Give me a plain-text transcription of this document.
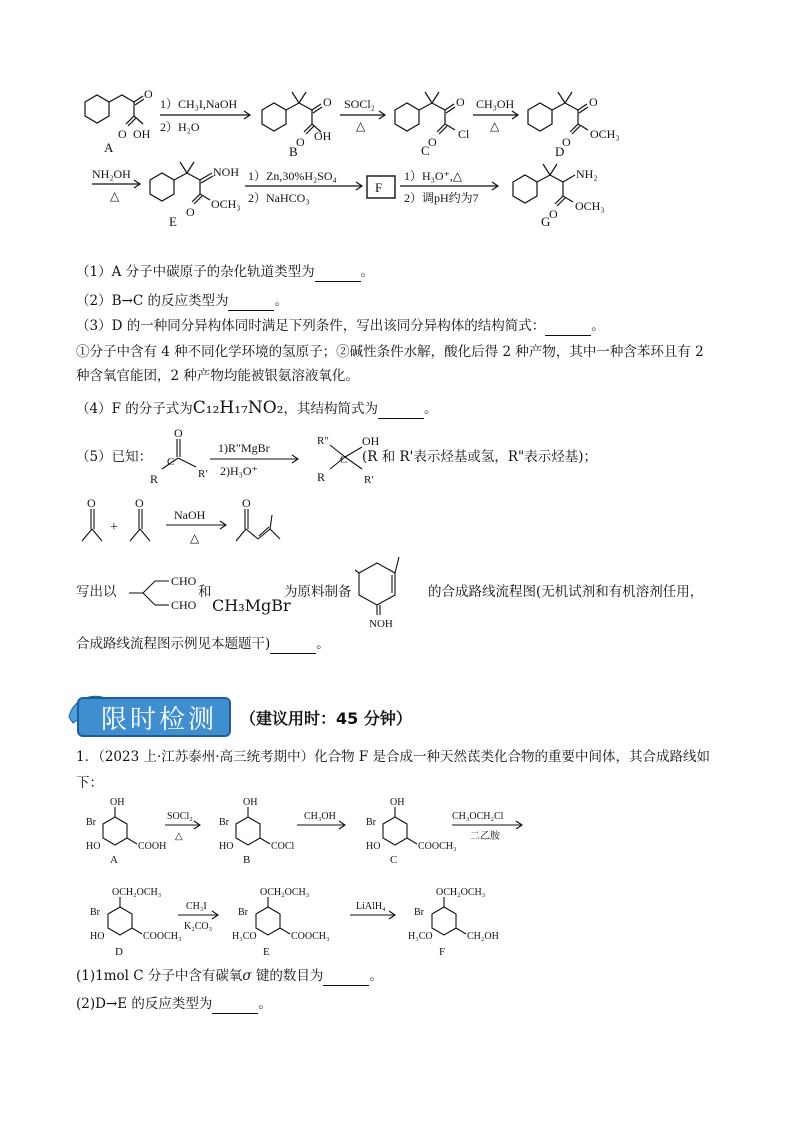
O
OH
O
A
1）CH₃I,NaOH
2）H₂O
O
O OH
B
SOCl₂
△
O
O
Cl
C
CH₃OH
△
O
O
OCH₃
D
NH₂OH
△
NOH
O
OCH₃
E
1）Zn,30%H₂SO₄
2）NaHCO₃
F
1）H₃O⁺,△
2）调pH约为7
NH₂
O
OCH₃
G
（1）A 分子中碳原子的杂化轨道类型为	。
（2）B→C 的反应类型为	。
（3）D 的一种同分异构体同时满足下列条件，写出该同分异构体的结构简式：	。
①分子中含有 4 种不同化学环境的氢原子；②碱性条件水解，酸化后得 2 种产物，其中一种含苯环且有 2
种含氧官能团，2 种产物均能被银氨溶液氧化。
（4）F 的分子式为C₁₂H₁₇NO₂，其结构简式为	。
（5）已知：
O
R	R′
C
1)R″MgBr
2)H₃O⁺
R″	OH
C
R	R′
(R 和 R'表示烃基或氢，R"表示烃基)；
O
+
O
NaOH
△
O
写出以
CHO
CHO
和
CH₃MgBr
为原料制备
NOH
的合成路线流程图(无机试剂和有机溶剂任用，
合成路线流程图示例见本题题干)	。
限时检测 （建议用时：45 分钟）
1．（2023 上·江苏泰州·高三统考期中）化合物 F 是合成一种天然茋类化合物的重要中间体，其合成路线如
下：
OH
Br
HO	COOH
A
SOCl₂
△
OH
Br
HO	COCl
B
CH₃OH
OH
Br
HO	COOCH₃
C
CH₃OCH₂Cl
二乙胺
OCH₂OCH₃
Br
HO	COOCH₃
D
CH₃I
K₂CO₃
OCH₂OCH₃
Br
H₃CO	COOCH₃
E
LiAlH₄
OCH₂OCH₃
Br
H₃CO	CH₂OH
F
(1)1mol C 分子中含有碳氧σ 键的数目为	。
(2)D→E 的反应类型为	。
